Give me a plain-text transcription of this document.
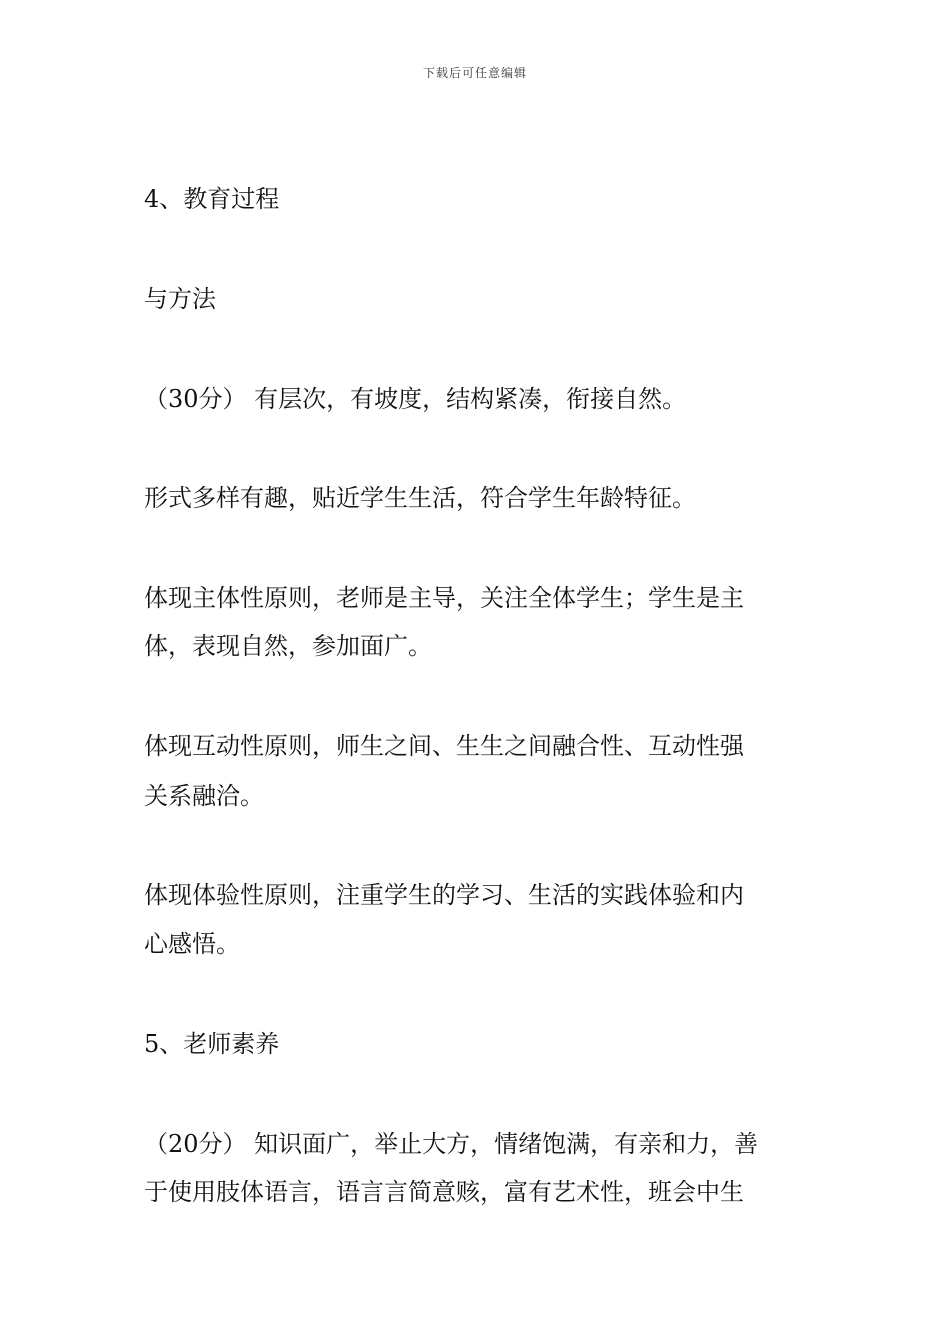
下载后可任意编辑

4、教育过程

与方法

（30分） 有层次，有坡度，结构紧凑，衔接自然。

形式多样有趣，贴近学生生活，符合学生年龄特征。

体现主体性原则，老师是主导，关注全体学生；学生是主

体，表现自然，参加面广。

体现互动性原则，师生之间、生生之间融合性、互动性强

关系融洽。

体现体验性原则，注重学生的学习、生活的实践体验和内

心感悟。

5、老师素养

（20分） 知识面广，举止大方，情绪饱满，有亲和力，善

于使用肢体语言，语言言简意赅，富有艺术性，班会中生
